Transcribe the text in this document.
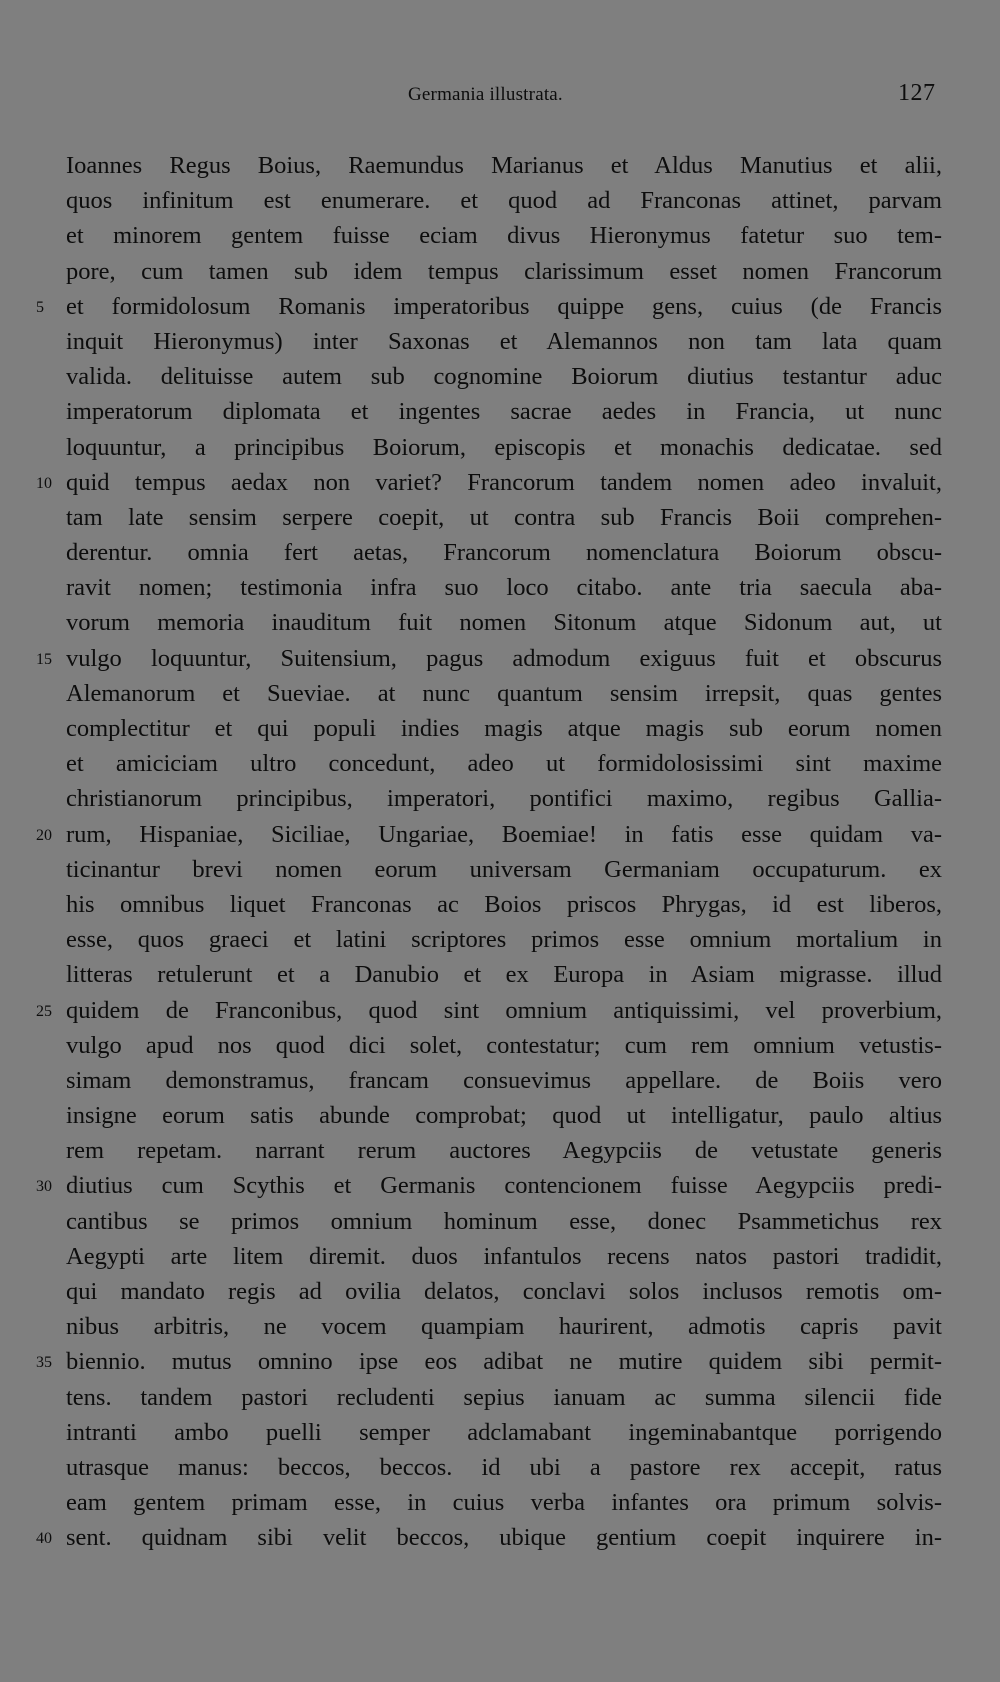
Germania illustrata.	127
Ioannes Regus Boius, Raemundus Marianus et Aldus Manutius et alii,
quos infinitum est enumerare. et quod ad Franconas attinet, parvam
et minorem gentem fuisse eciam divus Hieronymus fatetur suo tem-
pore, cum tamen sub idem tempus clarissimum esset nomen Francorum
5 et formidolosum Romanis imperatoribus quippe gens, cuius (de Francis
inquit Hieronymus) inter Saxonas et Alemannos non tam lata quam
valida. delituisse autem sub cognomine Boiorum diutius testantur aduc
imperatorum diplomata et ingentes sacrae aedes in Francia, ut nunc
loquuntur, a principibus Boiorum, episcopis et monachis dedicatae. sed
10 quid tempus aedax non variet? Francorum tandem nomen adeo invaluit,
tam late sensim serpere coepit, ut contra sub Francis Boii comprehen-
derentur. omnia fert aetas, Francorum nomenclatura Boiorum obscu-
ravit nomen; testimonia infra suo loco citabo. ante tria saecula aba-
vorum memoria inauditum fuit nomen Sitonum atque Sidonum aut, ut
15 vulgo loquuntur, Suitensium, pagus admodum exiguus fuit et obscurus
Alemanorum et Sueviae. at nunc quantum sensim irrepsit, quas gentes
complectitur et qui populi indies magis atque magis sub eorum nomen
et amiciciam ultro concedunt, adeo ut formidolosissimi sint maxime
christianorum principibus, imperatori, pontifici maximo, regibus Gallia-
20 rum, Hispaniae, Siciliae, Ungariae, Boemiae! in fatis esse quidam va-
ticinantur brevi nomen eorum universam Germaniam occupaturum. ex
his omnibus liquet Franconas ac Boios priscos Phrygas, id est liberos,
esse, quos graeci et latini scriptores primos esse omnium mortalium in
litteras retulerunt et a Danubio et ex Europa in Asiam migrasse. illud
25 quidem de Franconibus, quod sint omnium antiquissimi, vel proverbium,
vulgo apud nos quod dici solet, contestatur; cum rem omnium vetustis-
simam demonstramus, francam consuevimus appellare. de Boiis vero
insigne eorum satis abunde comprobat; quod ut intelligatur, paulo altius
rem repetam. narrant rerum auctores Aegypciis de vetustate generis
30 diutius cum Scythis et Germanis contencionem fuisse Aegypciis predi-
cantibus se primos omnium hominum esse, donec Psammetichus rex
Aegypti arte litem diremit. duos infantulos recens natos pastori tradidit,
qui mandato regis ad ovilia delatos, conclavi solos inclusos remotis om-
nibus arbitris, ne vocem quampiam haurirent, admotis capris pavit
35 biennio. mutus omnino ipse eos adibat ne mutire quidem sibi permit-
tens. tandem pastori recludenti sepius ianuam ac summa silencii fide
intranti ambo puelli semper adclamabant ingeminabantque porrigendo
utrasque manus: beccos, beccos. id ubi a pastore rex accepit, ratus
eam gentem primam esse, in cuius verba infantes ora primum solvis-
40 sent. quidnam sibi velit beccos, ubique gentium coepit inquirere in-
